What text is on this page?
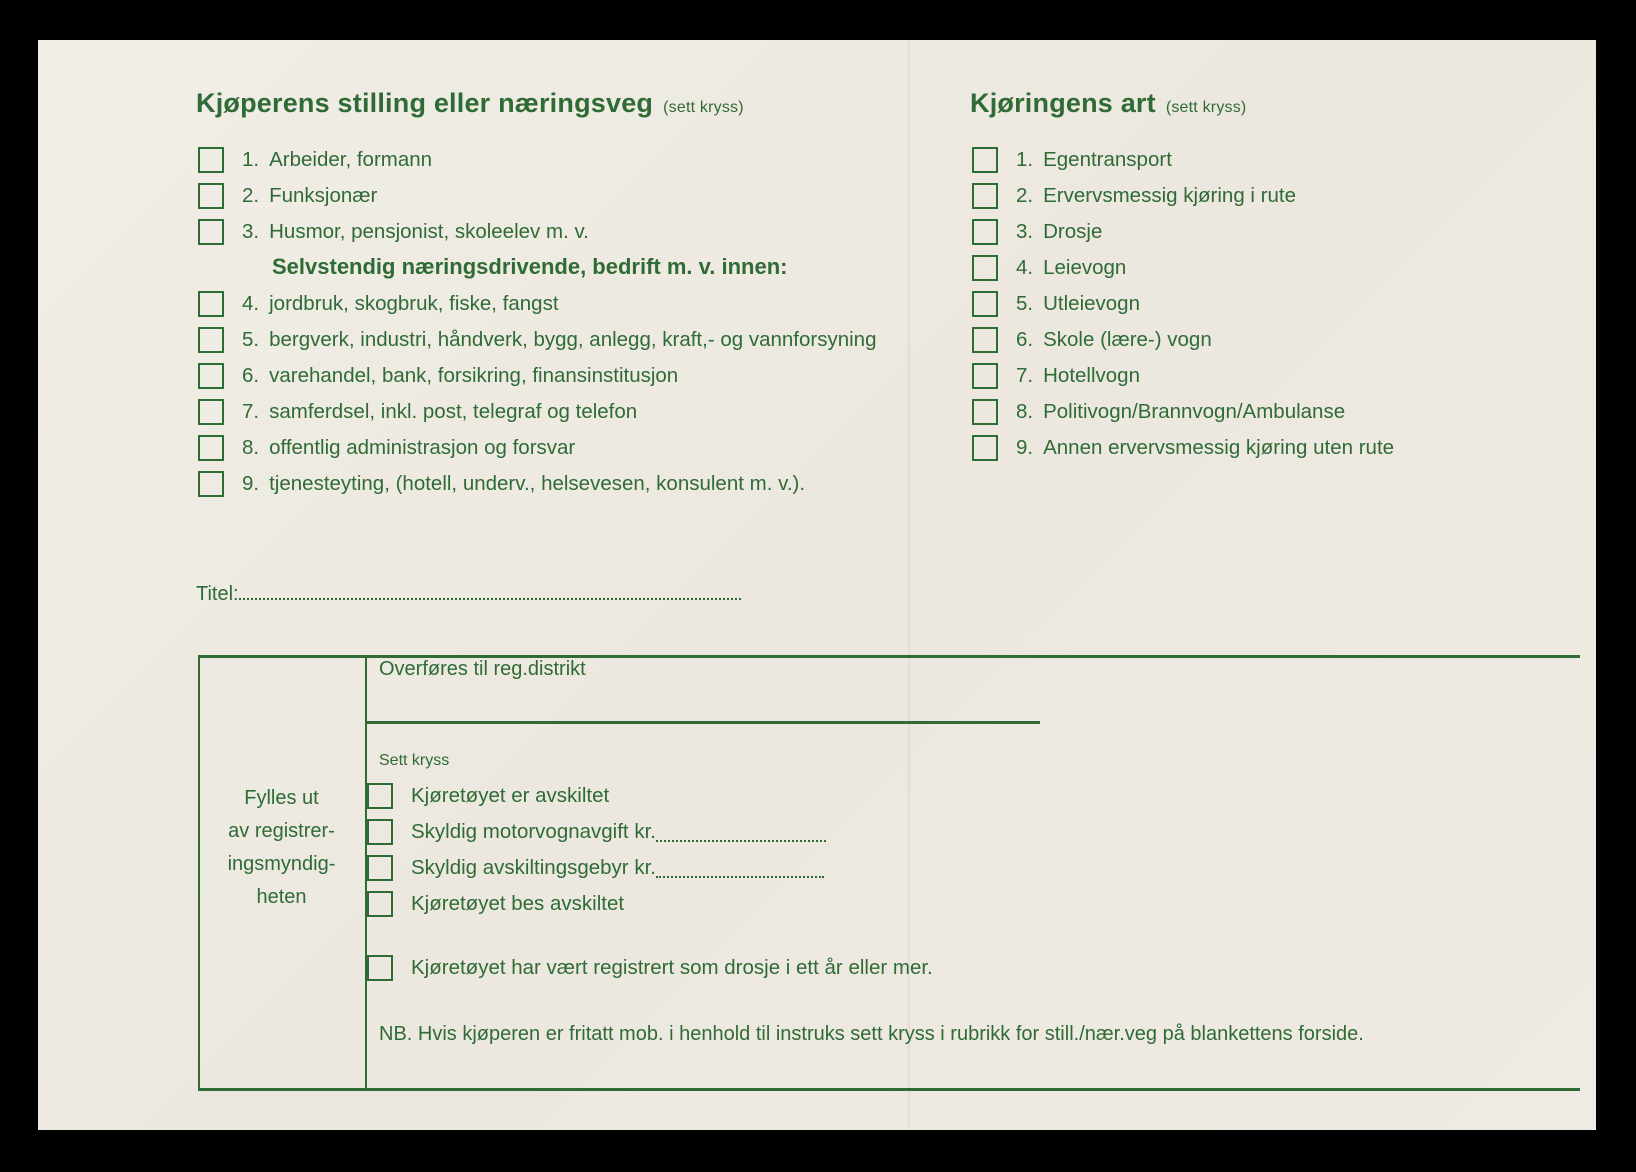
Kjøperens stilling eller næringsveg (sett kryss)
1. Arbeider, formann
2. Funksjonær
3. Husmor, pensjonist, skoleelev m. v.
Selvstendig næringsdrivende, bedrift m. v. innen:
4. jordbruk, skogbruk, fiske, fangst
5. bergverk, industri, håndverk, bygg, anlegg, kraft,- og vannforsyning
6. varehandel, bank, forsikring, finansinstitusjon
7. samferdsel, inkl. post, telegraf og telefon
8. offentlig administrasjon og forsvar
9. tjenesteyting, (hotell, underv., helsevesen, konsulent m. v.).
Kjøringens art (sett kryss)
1. Egentransport
2. Ervervsmessig kjøring i rute
3. Drosje
4. Leievogn
5. Utleievogn
6. Skole (lære-) vogn
7. Hotellvogn
8. Politivogn/Brannvogn/Ambulanse
9. Annen ervervsmessig kjøring uten rute
Titel:
Fylles ut
av registrer-
ingsmyndig-
heten
Overføres til reg.distrikt
Sett kryss
Kjøretøyet er avskiltet
Skyldig motorvognavgift kr.
Skyldig avskiltingsgebyr kr.
Kjøretøyet bes avskiltet
Kjøretøyet har vært registrert som drosje i ett år eller mer.
NB. Hvis kjøperen er fritatt mob. i henhold til instruks sett kryss i rubrikk for still./nær.veg på blankettens forside.
